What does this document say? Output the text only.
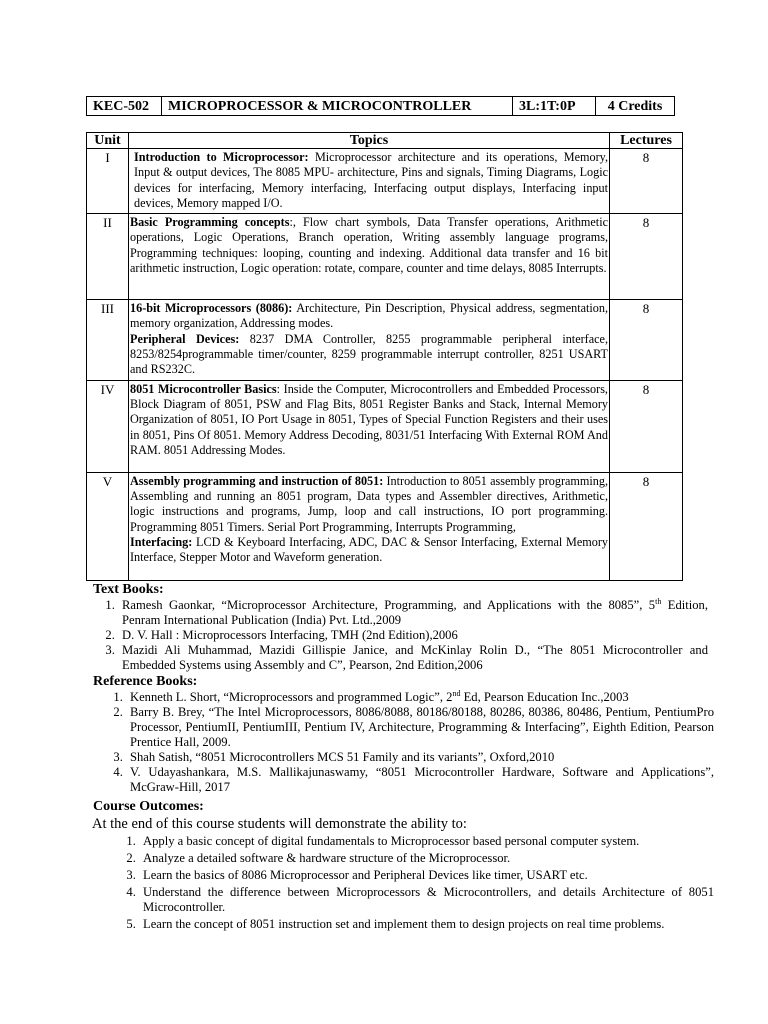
KEC-502	MICROPROCESSOR & MICROCONTROLLER	3L:1T:0P	4 Credits
Unit	Topics	Lectures
I	Introduction to Microprocessor: Microprocessor architecture and its operations, Memory, Input & output devices, The 8085 MPU- architecture, Pins and signals, Timing Diagrams, Logic devices for interfacing, Memory interfacing, Interfacing output displays, Interfacing input devices, Memory mapped I/O.	8
II	Basic Programming concepts:, Flow chart symbols, Data Transfer operations, Arithmetic operations, Logic Operations, Branch operation, Writing assembly language programs, Programming techniques: looping, counting and indexing. Additional data transfer and 16 bit arithmetic instruction, Logic operation: rotate, compare, counter and time delays, 8085 Interrupts.	8
III	16-bit Microprocessors (8086): Architecture, Pin Description, Physical address, segmentation, memory organization, Addressing modes.
Peripheral Devices: 8237 DMA Controller, 8255 programmable peripheral interface, 8253/8254programmable timer/counter, 8259 programmable interrupt controller, 8251 USART and RS232C.	8
IV	8051 Microcontroller Basics: Inside the Computer, Microcontrollers and Embedded Processors, Block Diagram of 8051, PSW and Flag Bits, 8051 Register Banks and Stack, Internal Memory Organization of 8051, IO Port Usage in 8051, Types of Special Function Registers and their uses in 8051, Pins Of 8051. Memory Address Decoding, 8031/51 Interfacing With External ROM And RAM. 8051 Addressing Modes.	8
V	Assembly programming and instruction of 8051: Introduction to 8051 assembly programming, Assembling and running an 8051 program, Data types and Assembler directives, Arithmetic, logic instructions and programs, Jump, loop and call instructions, IO port programming. Programming 8051 Timers. Serial Port Programming, Interrupts Programming,
Interfacing: LCD & Keyboard Interfacing, ADC, DAC & Sensor Interfacing, External Memory Interface, Stepper Motor and Waveform generation.	8
Text Books:
1. Ramesh Gaonkar, “Microprocessor Architecture, Programming, and Applications with the 8085”, 5th Edition, Penram International Publication (India) Pvt. Ltd.,2009
2. D. V. Hall : Microprocessors Interfacing, TMH (2nd Edition),2006
3. Mazidi Ali Muhammad, Mazidi Gillispie Janice, and McKinlay Rolin D., “The 8051 Microcontroller and Embedded Systems using Assembly and C”, Pearson, 2nd Edition,2006
Reference Books:
1. Kenneth L. Short, “Microprocessors and programmed Logic”, 2nd Ed, Pearson Education Inc.,2003
2. Barry B. Brey, “The Intel Microprocessors, 8086/8088, 80186/80188, 80286, 80386, 80486, Pentium, PentiumPro Processor, PentiumII, PentiumIII, Pentium IV, Architecture, Programming & Interfacing”, Eighth Edition, Pearson Prentice Hall, 2009.
3. Shah Satish, “8051 Microcontrollers MCS 51 Family and its variants”, Oxford,2010
4. V. Udayashankara, M.S. Mallikajunaswamy, “8051 Microcontroller Hardware, Software and Applications”, McGraw-Hill, 2017
Course Outcomes:
At the end of this course students will demonstrate the ability to:
1. Apply a basic concept of digital fundamentals to Microprocessor based personal computer system.
2. Analyze a detailed software & hardware structure of the Microprocessor.
3. Learn the basics of 8086 Microprocessor and Peripheral Devices like timer, USART etc.
4. Understand the difference between Microprocessors & Microcontrollers, and details Architecture of 8051 Microcontroller.
5. Learn the concept of 8051 instruction set and implement them to design projects on real time problems.
